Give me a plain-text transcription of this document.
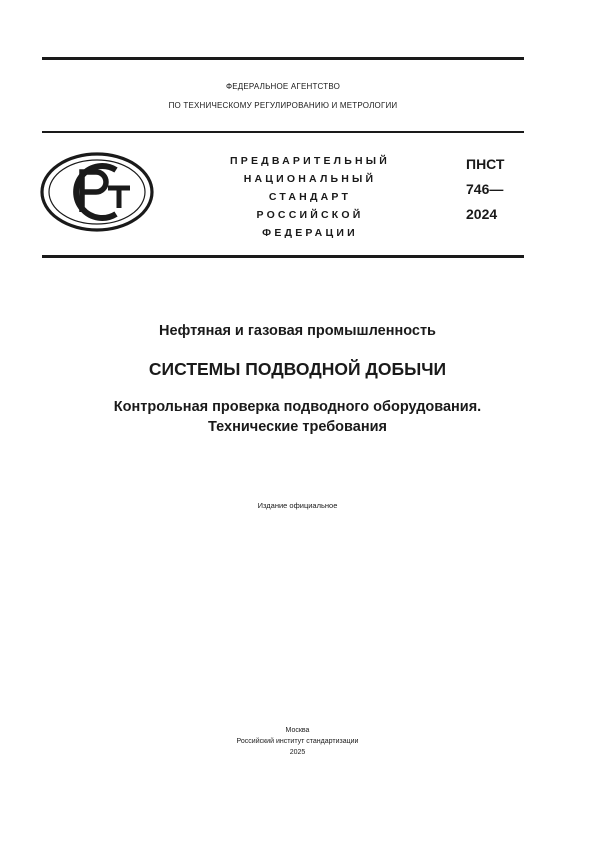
ФЕДЕРАЛЬНОЕ АГЕНТСТВО
ПО ТЕХНИЧЕСКОМУ РЕГУЛИРОВАНИЮ И МЕТРОЛОГИИ
ПРЕДВАРИТЕЛЬНЫЙ
НАЦИОНАЛЬНЫЙ
СТАНДАРТ
РОССИЙСКОЙ
ФЕДЕРАЦИИ
ПНСТ
746—
2024
Нефтяная и газовая промышленность
СИСТЕМЫ ПОДВОДНОЙ ДОБЫЧИ
Контрольная проверка подводного оборудования.
Технические требования
Издание официальное
Москва
Российский институт стандартизации
2025
